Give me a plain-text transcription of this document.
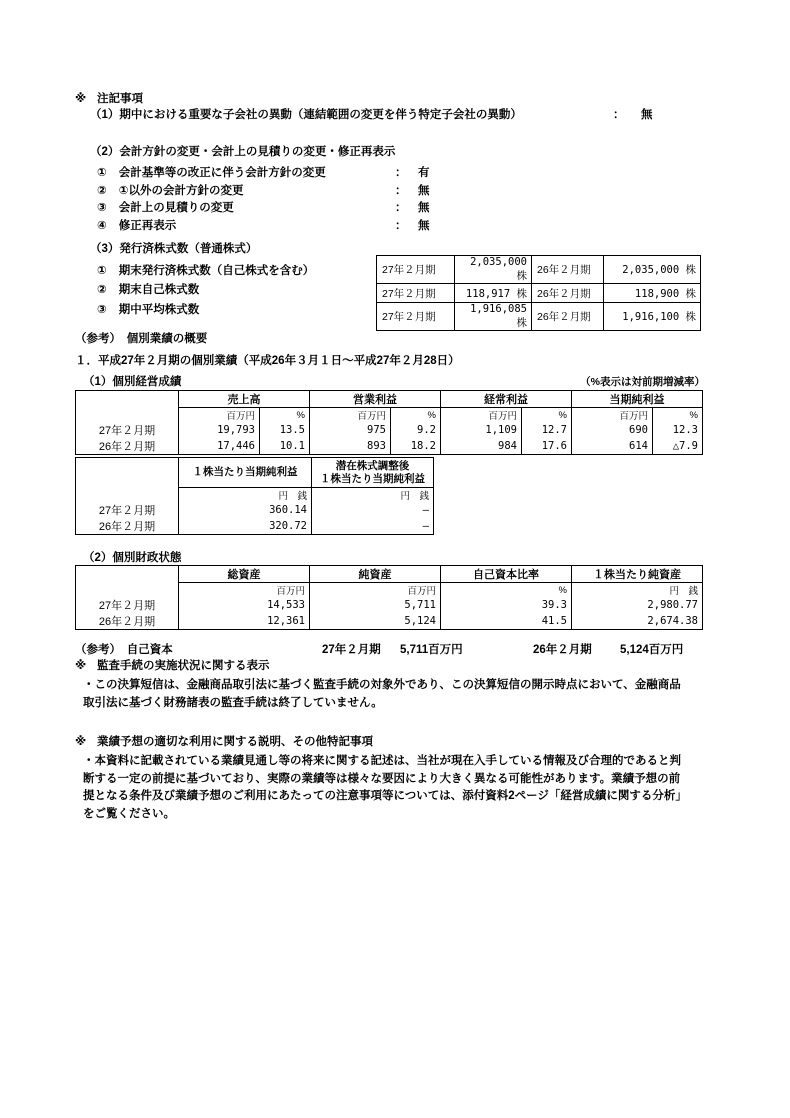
※ 注記事項
（1）期中における重要な子会社の異動（連結範囲の変更を伴う特定子会社の異動）	： 無
（2）会計方針の変更・会計上の見積りの変更・修正再表示
① 会計基準等の改正に伴う会計方針の変更	： 有
② ①以外の会計方針の変更	： 無
③ 会計上の見積りの変更	： 無
④ 修正再表示	： 無
（3）発行済株式数（普通株式）
① 期末発行済株式数（自己株式を含む）
② 期末自己株式数
③ 期中平均株式数
27年２月期	2,035,000 株	26年２月期	2,035,000 株
27年２月期	118,917 株	26年２月期	118,900 株
27年２月期	1,916,085 株	26年２月期	1,916,100 株
（参考）　個別業績の概要
１．平成27年２月期の個別業績（平成26年３月１日～平成27年２月28日）
（1）個別経営成績	（%表示は対前期増減率）
	売上高		営業利益		経常利益		当期純利益	
	百万円	%	百万円	%	百万円	%	百万円	%
27年２月期	19,793	13.5	975	9.2	1,109	12.7	690	12.3
26年２月期	17,446	10.1	893	18.2	984	17.6	614	△7.9
	１株当たり当期純利益	潜在株式調整後
１株当たり当期純利益
	円　銭	円　銭
27年２月期	360.14	―
26年２月期	320.72	―
（2）個別財政状態
	総資産	純資産	自己資本比率	１株当たり純資産
	百万円	百万円	%	円　銭
27年２月期	14,533	5,711	39.3	2,980.77
26年２月期	12,361	5,124	41.5	2,674.38
（参考）　自己資本	27年２月期 5,711百万円	26年２月期 5,124百万円
※ 監査手続の実施状況に関する表示
・この決算短信は、金融商品取引法に基づく監査手続の対象外であり、この決算短信の開示時点において、金融商品
取引法に基づく財務諸表の監査手続は終了していません。
※ 業績予想の適切な利用に関する説明、その他特記事項
・本資料に記載されている業績見通し等の将来に関する記述は、当社が現在入手している情報及び合理的であると判
断する一定の前提に基づいており、実際の業績等は様々な要因により大きく異なる可能性があります。業績予想の前
提となる条件及び業績予想のご利用にあたっての注意事項等については、添付資料2ページ「経営成績に関する分析」
をご覧ください。
